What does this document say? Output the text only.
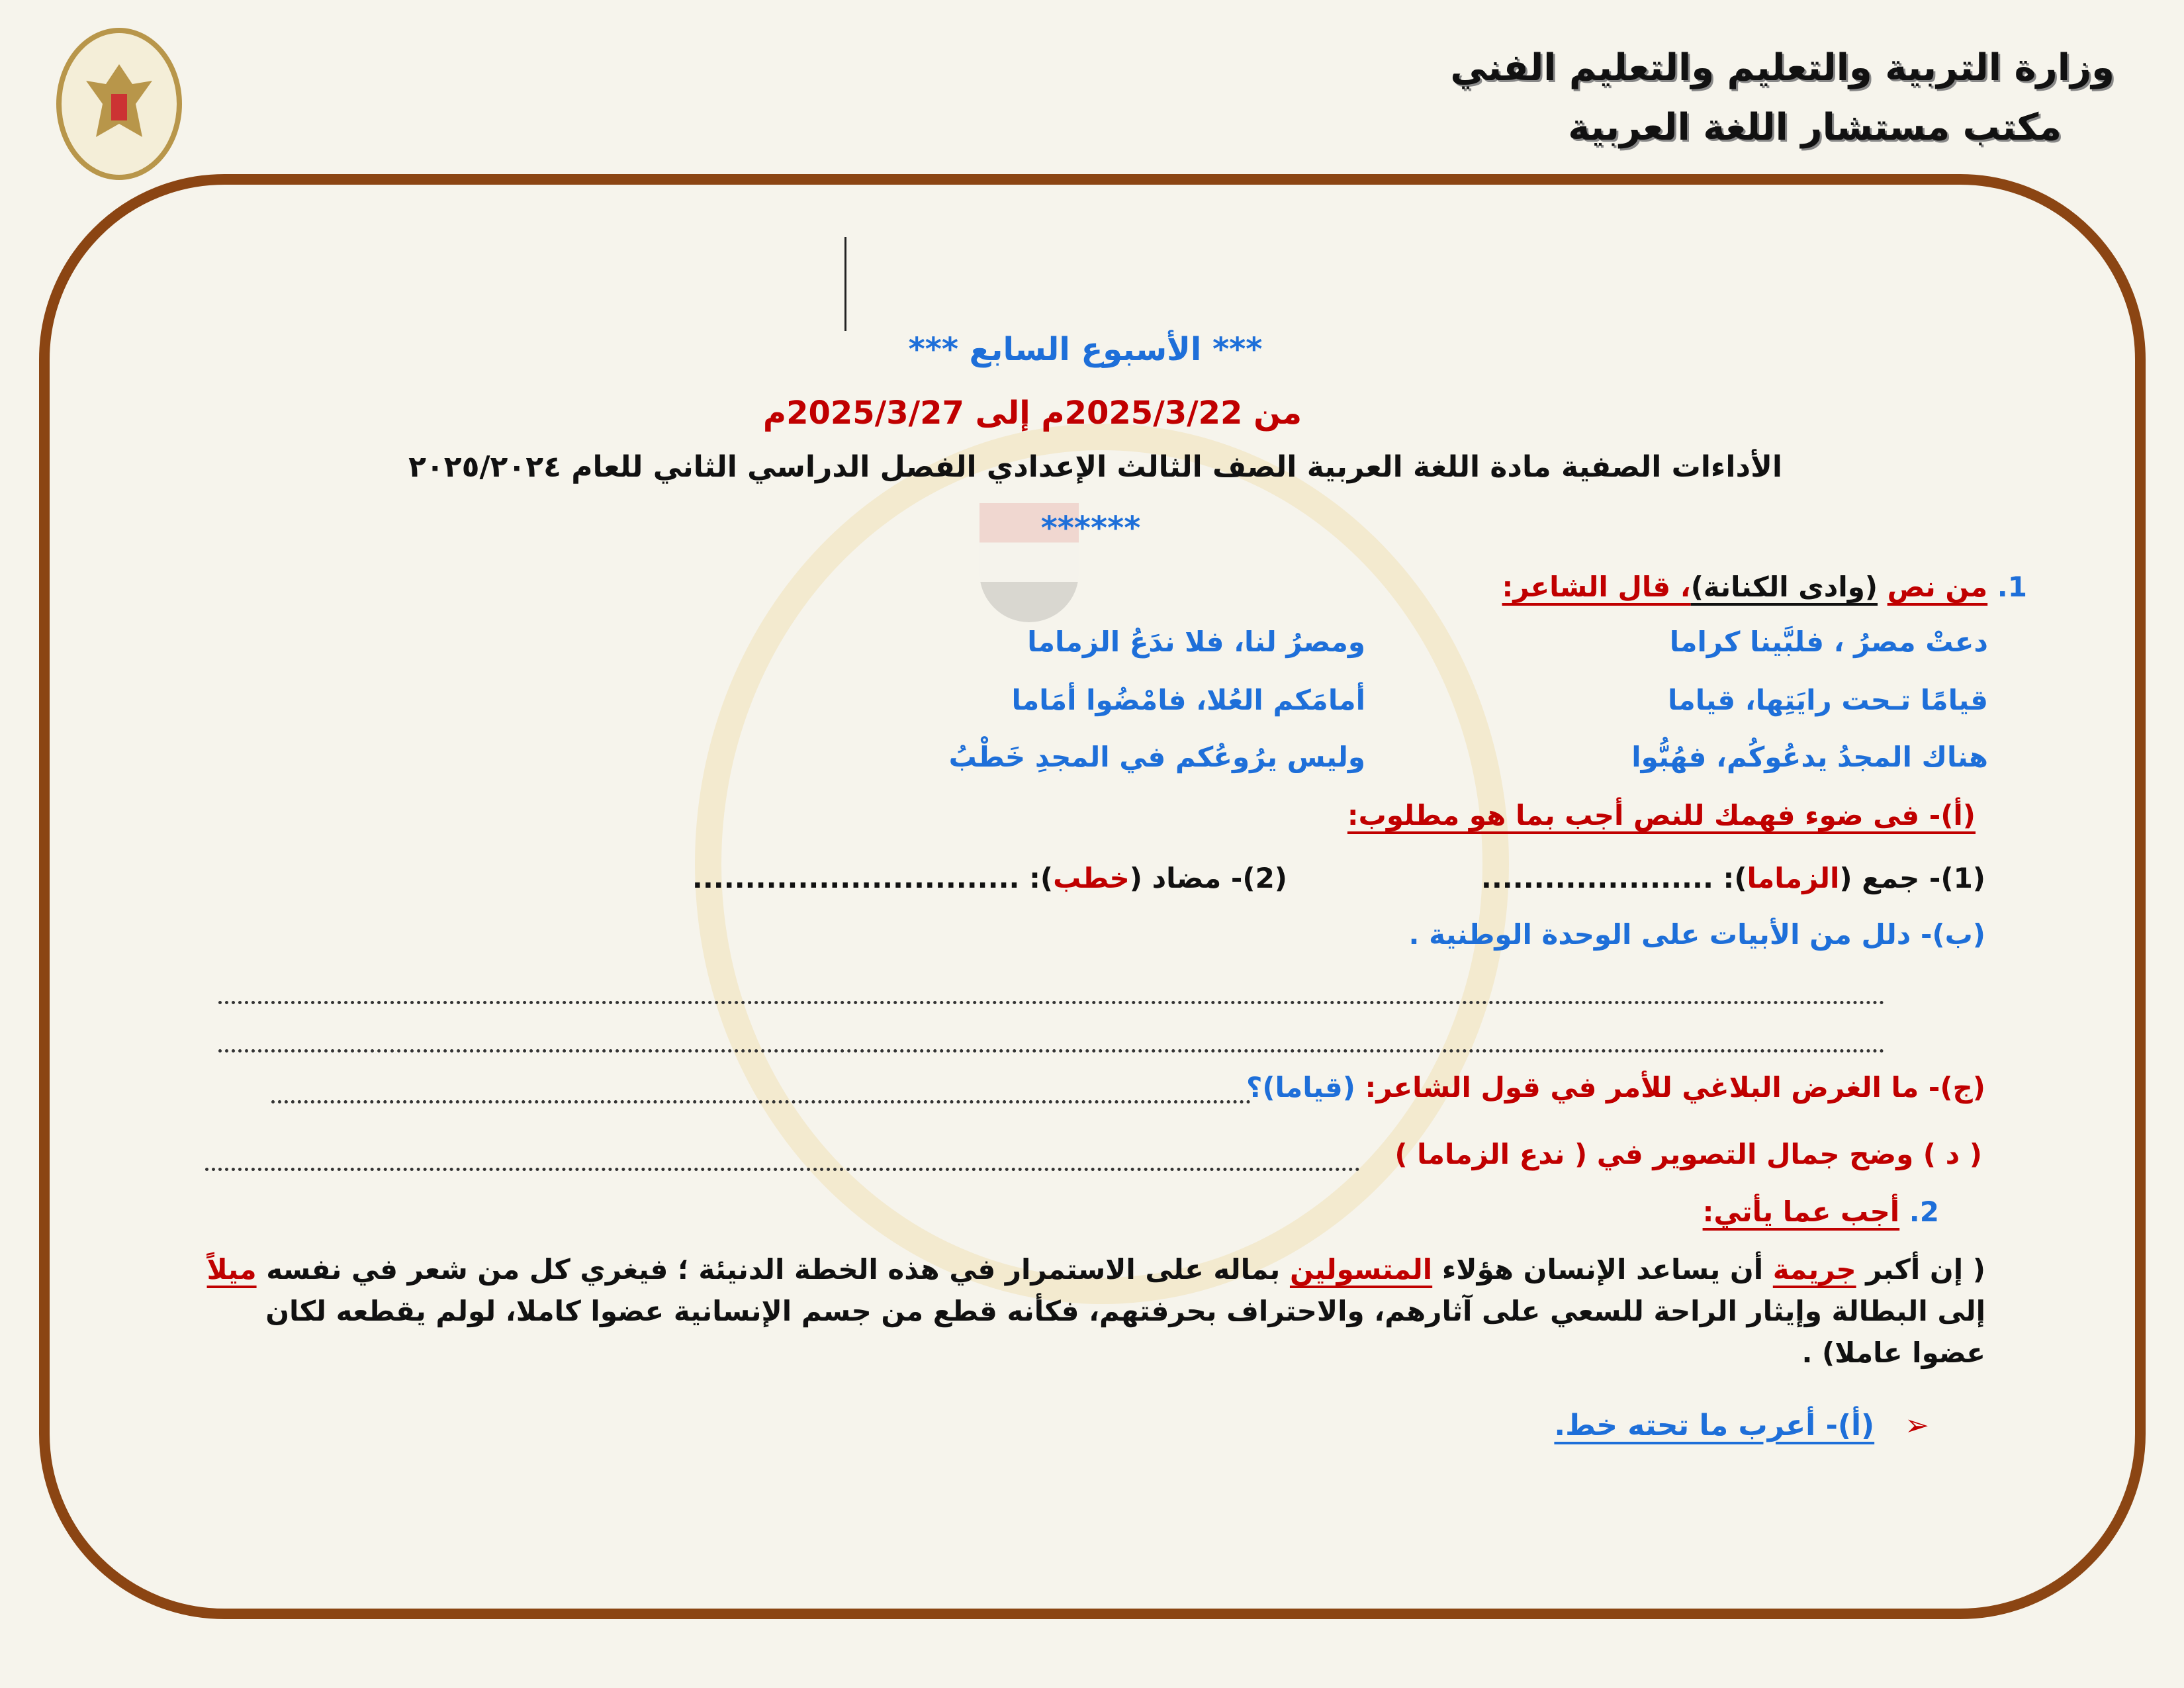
وزارة التربية والتعليم والتعليم الفني
مكتب مستشار اللغة العربية
*** الأسبوع السابع ***
من 2025/3/22م إلى 2025/3/27م
الأداءات الصفية مادة اللغة العربية الصف الثالث الإعدادي الفصل الدراسي الثاني للعام ٢٠٢٥/٢٠٢٤
******
1. من نص (وادى الكنانة)، قال الشاعر:
دعتْ مصرُ ، فلبَّينا كراما
ومصرُ لنا، فلا ندَعُ الزماما
قيامًا تـحت رايَتِها، قياما
أمامَكم العُلا، فامْضُوا أمَاما
هناك المجدُ يدعُوكُم، فهُبُّوا
وليس يرُوعُكم في المجدِ خَطْبُ
(أ)- فى ضوء فهمك للنص أجب بما هو مطلوب:
(1)- جمع (الزماما): ......................
(2)- مضاد (خطب): ...............................
(ب)- دلل من الأبيات على الوحدة الوطنية .
(ج)- ما الغرض البلاغي للأمر في قول الشاعر: (قياما)؟
( د ) وضح جمال التصوير في ( ندع الزماما )
2. أجب عما يأتي:
( إن أكبر جريمة أن يساعد الإنسان هؤلاء المتسولين بماله على الاستمرار في هذه الخطة الدنيئة ؛ فيغري كل من شعر في نفسه ميلاً إلى البطالة وإيثار الراحة للسعي على آثارهم، والاحتراف بحرفتهم، فكأنه قطع من جسم الإنسانية عضوا كاملا، لولم يقطعه لكان عضوا عاملا) .
➢   (أ)- أعرب ما تحته خط.
